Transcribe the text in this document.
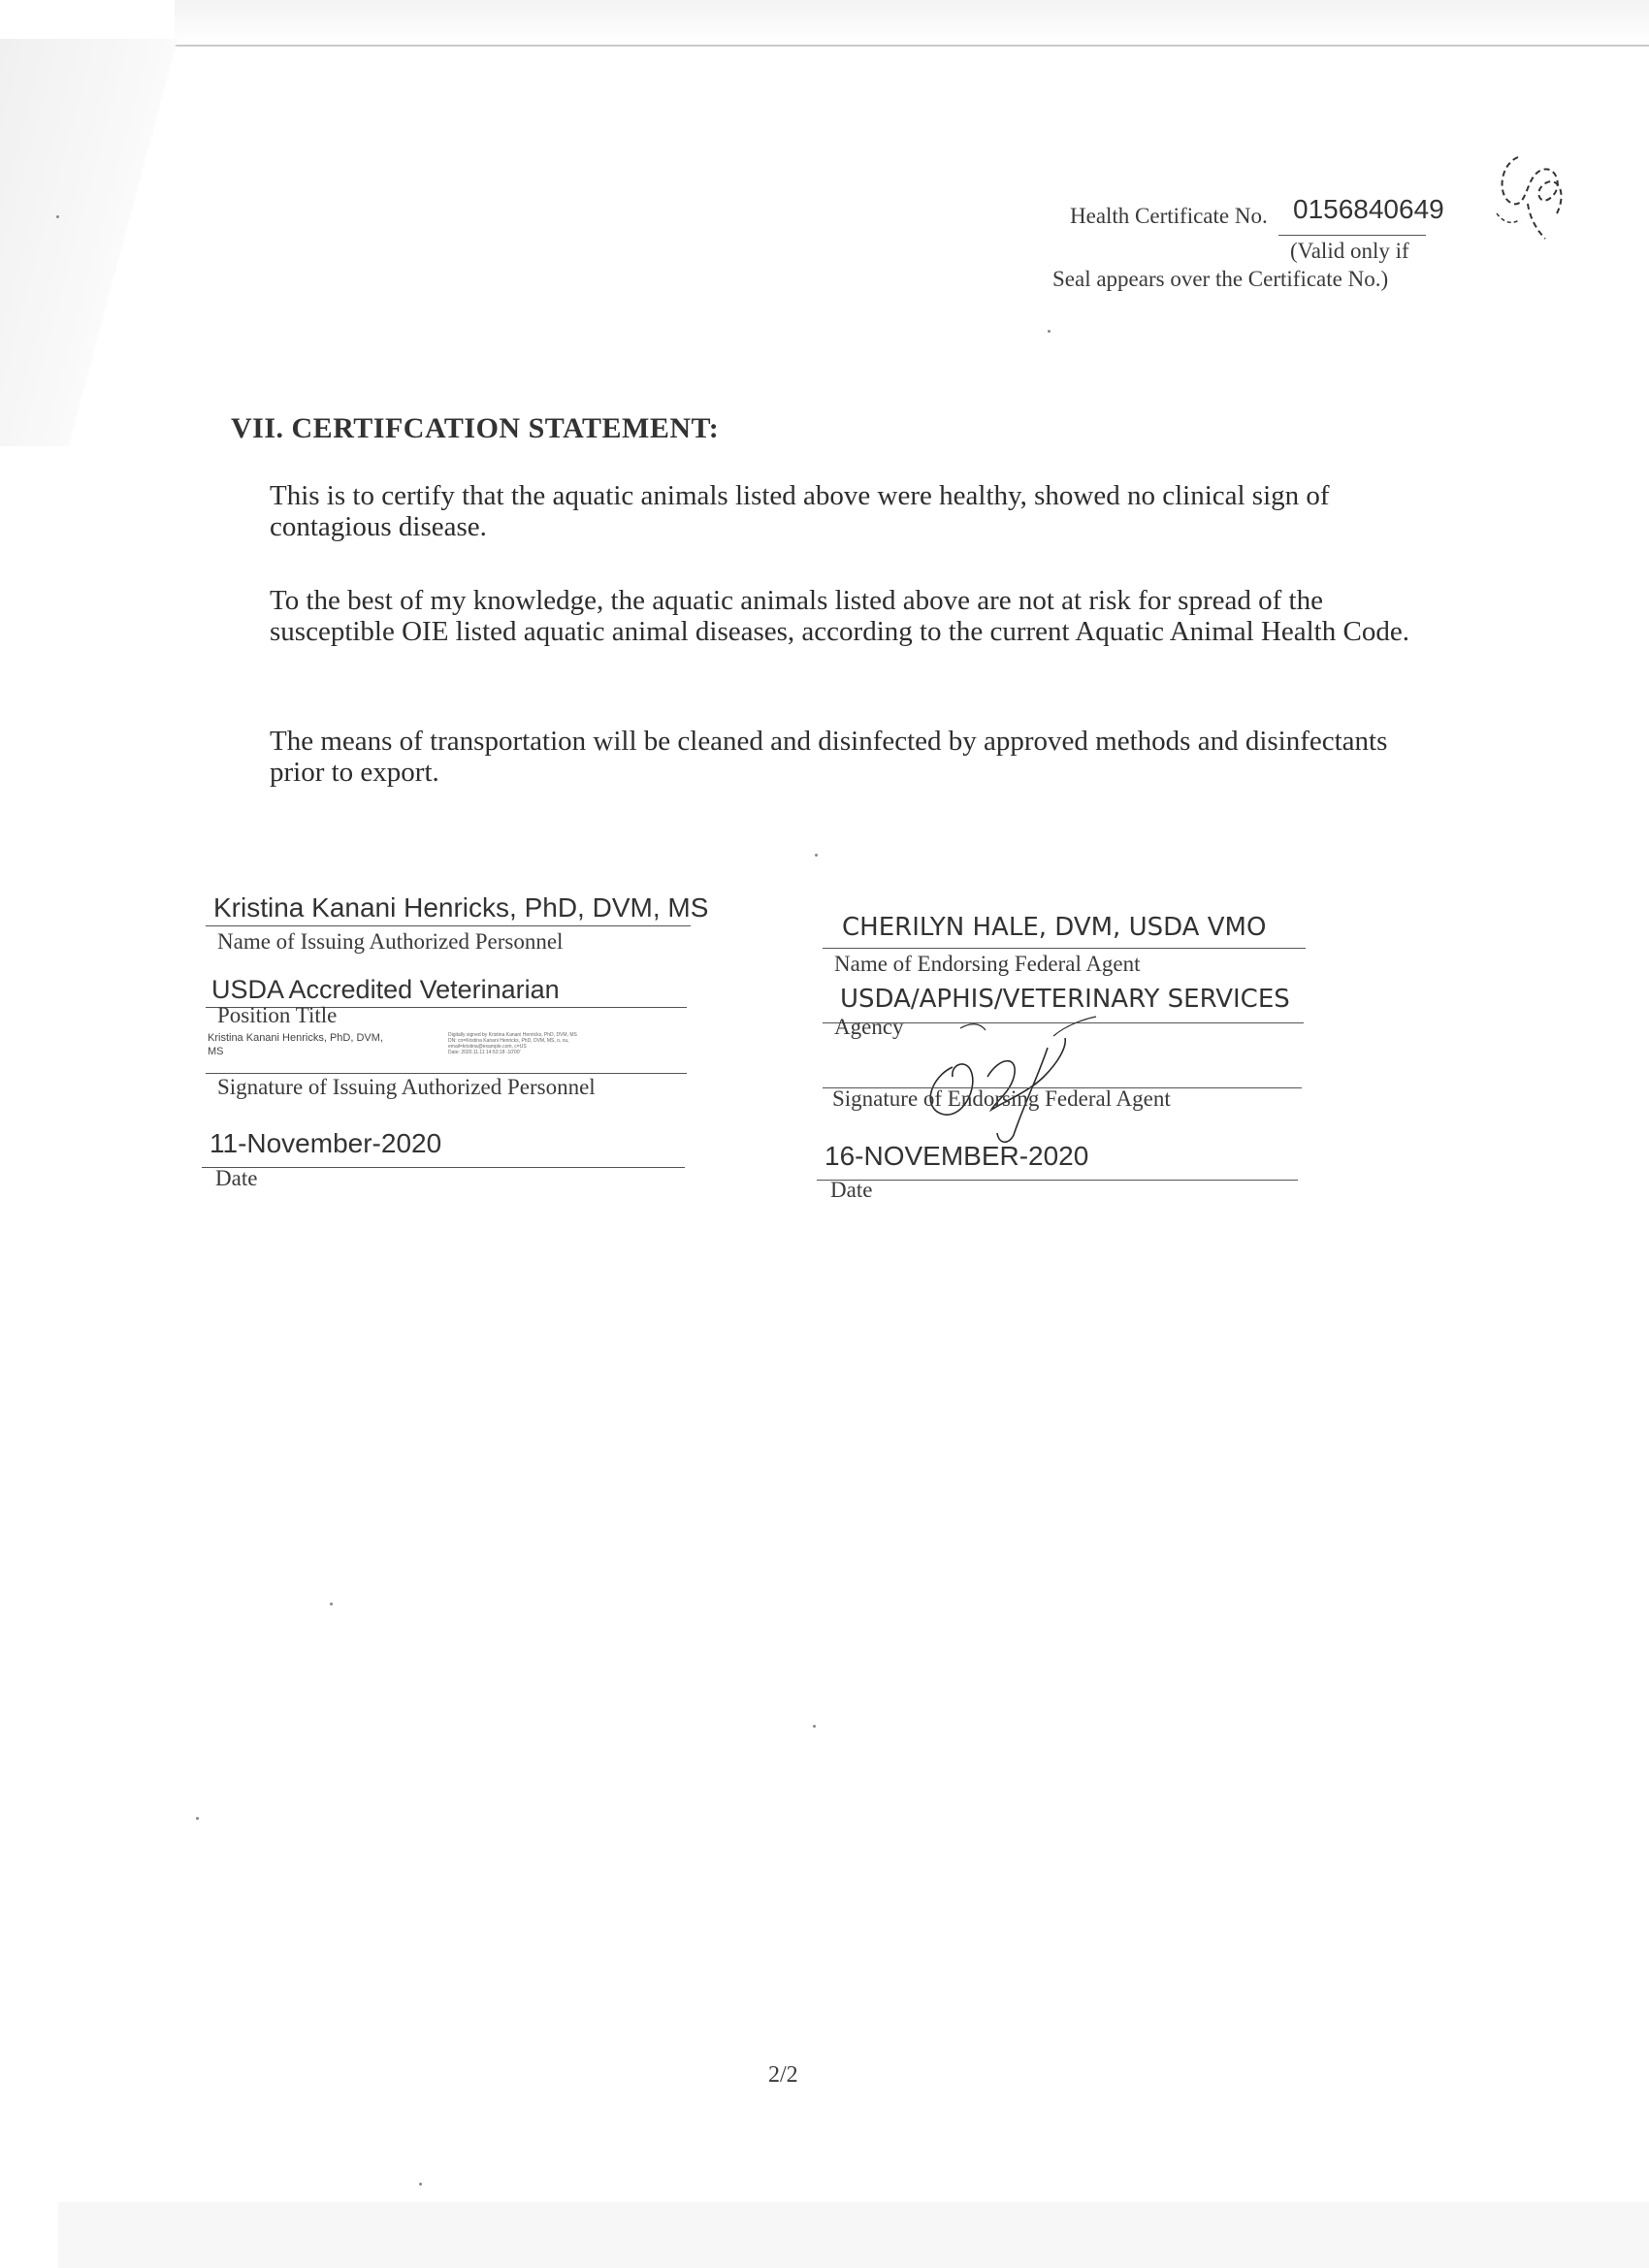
Health Certificate No. 0156840649
(Valid only if
Seal appears over the Certificate No.)
VII. CERTIFCATION STATEMENT:
This is to certify that the aquatic animals listed above were healthy, showed no clinical sign of contagious disease.
To the best of my knowledge, the aquatic animals listed above are not at risk for spread of the susceptible OIE listed aquatic animal diseases, according to the current Aquatic Animal Health Code.
The means of transportation will be cleaned and disinfected by approved methods and disinfectants prior to export.
Kristina Kanani Henricks, PhD, DVM, MS
Name of Issuing Authorized Personnel
USDA Accredited Veterinarian
Position Title
Kristina Kanani Henricks, PhD, DVM,
MS
Digitally signed by Kristina Kanani Henricks, PhD, DVM, MS
DN: cn=Kristina Kanani Henricks, PhD, DVM, MS, o, ou,
email=kristina@example.com, c=US
Date: 2020.11.11 14:53:18 -10'00'
Signature of Issuing Authorized Personnel
11-November-2020
Date
CHERILYN HALE, DVM, USDA VMO
Name of Endorsing Federal Agent
USDA/APHIS/VETERINARY SERVICES
Agency
Signature of Endorsing Federal Agent
16-NOVEMBER-2020
Date
2/2
